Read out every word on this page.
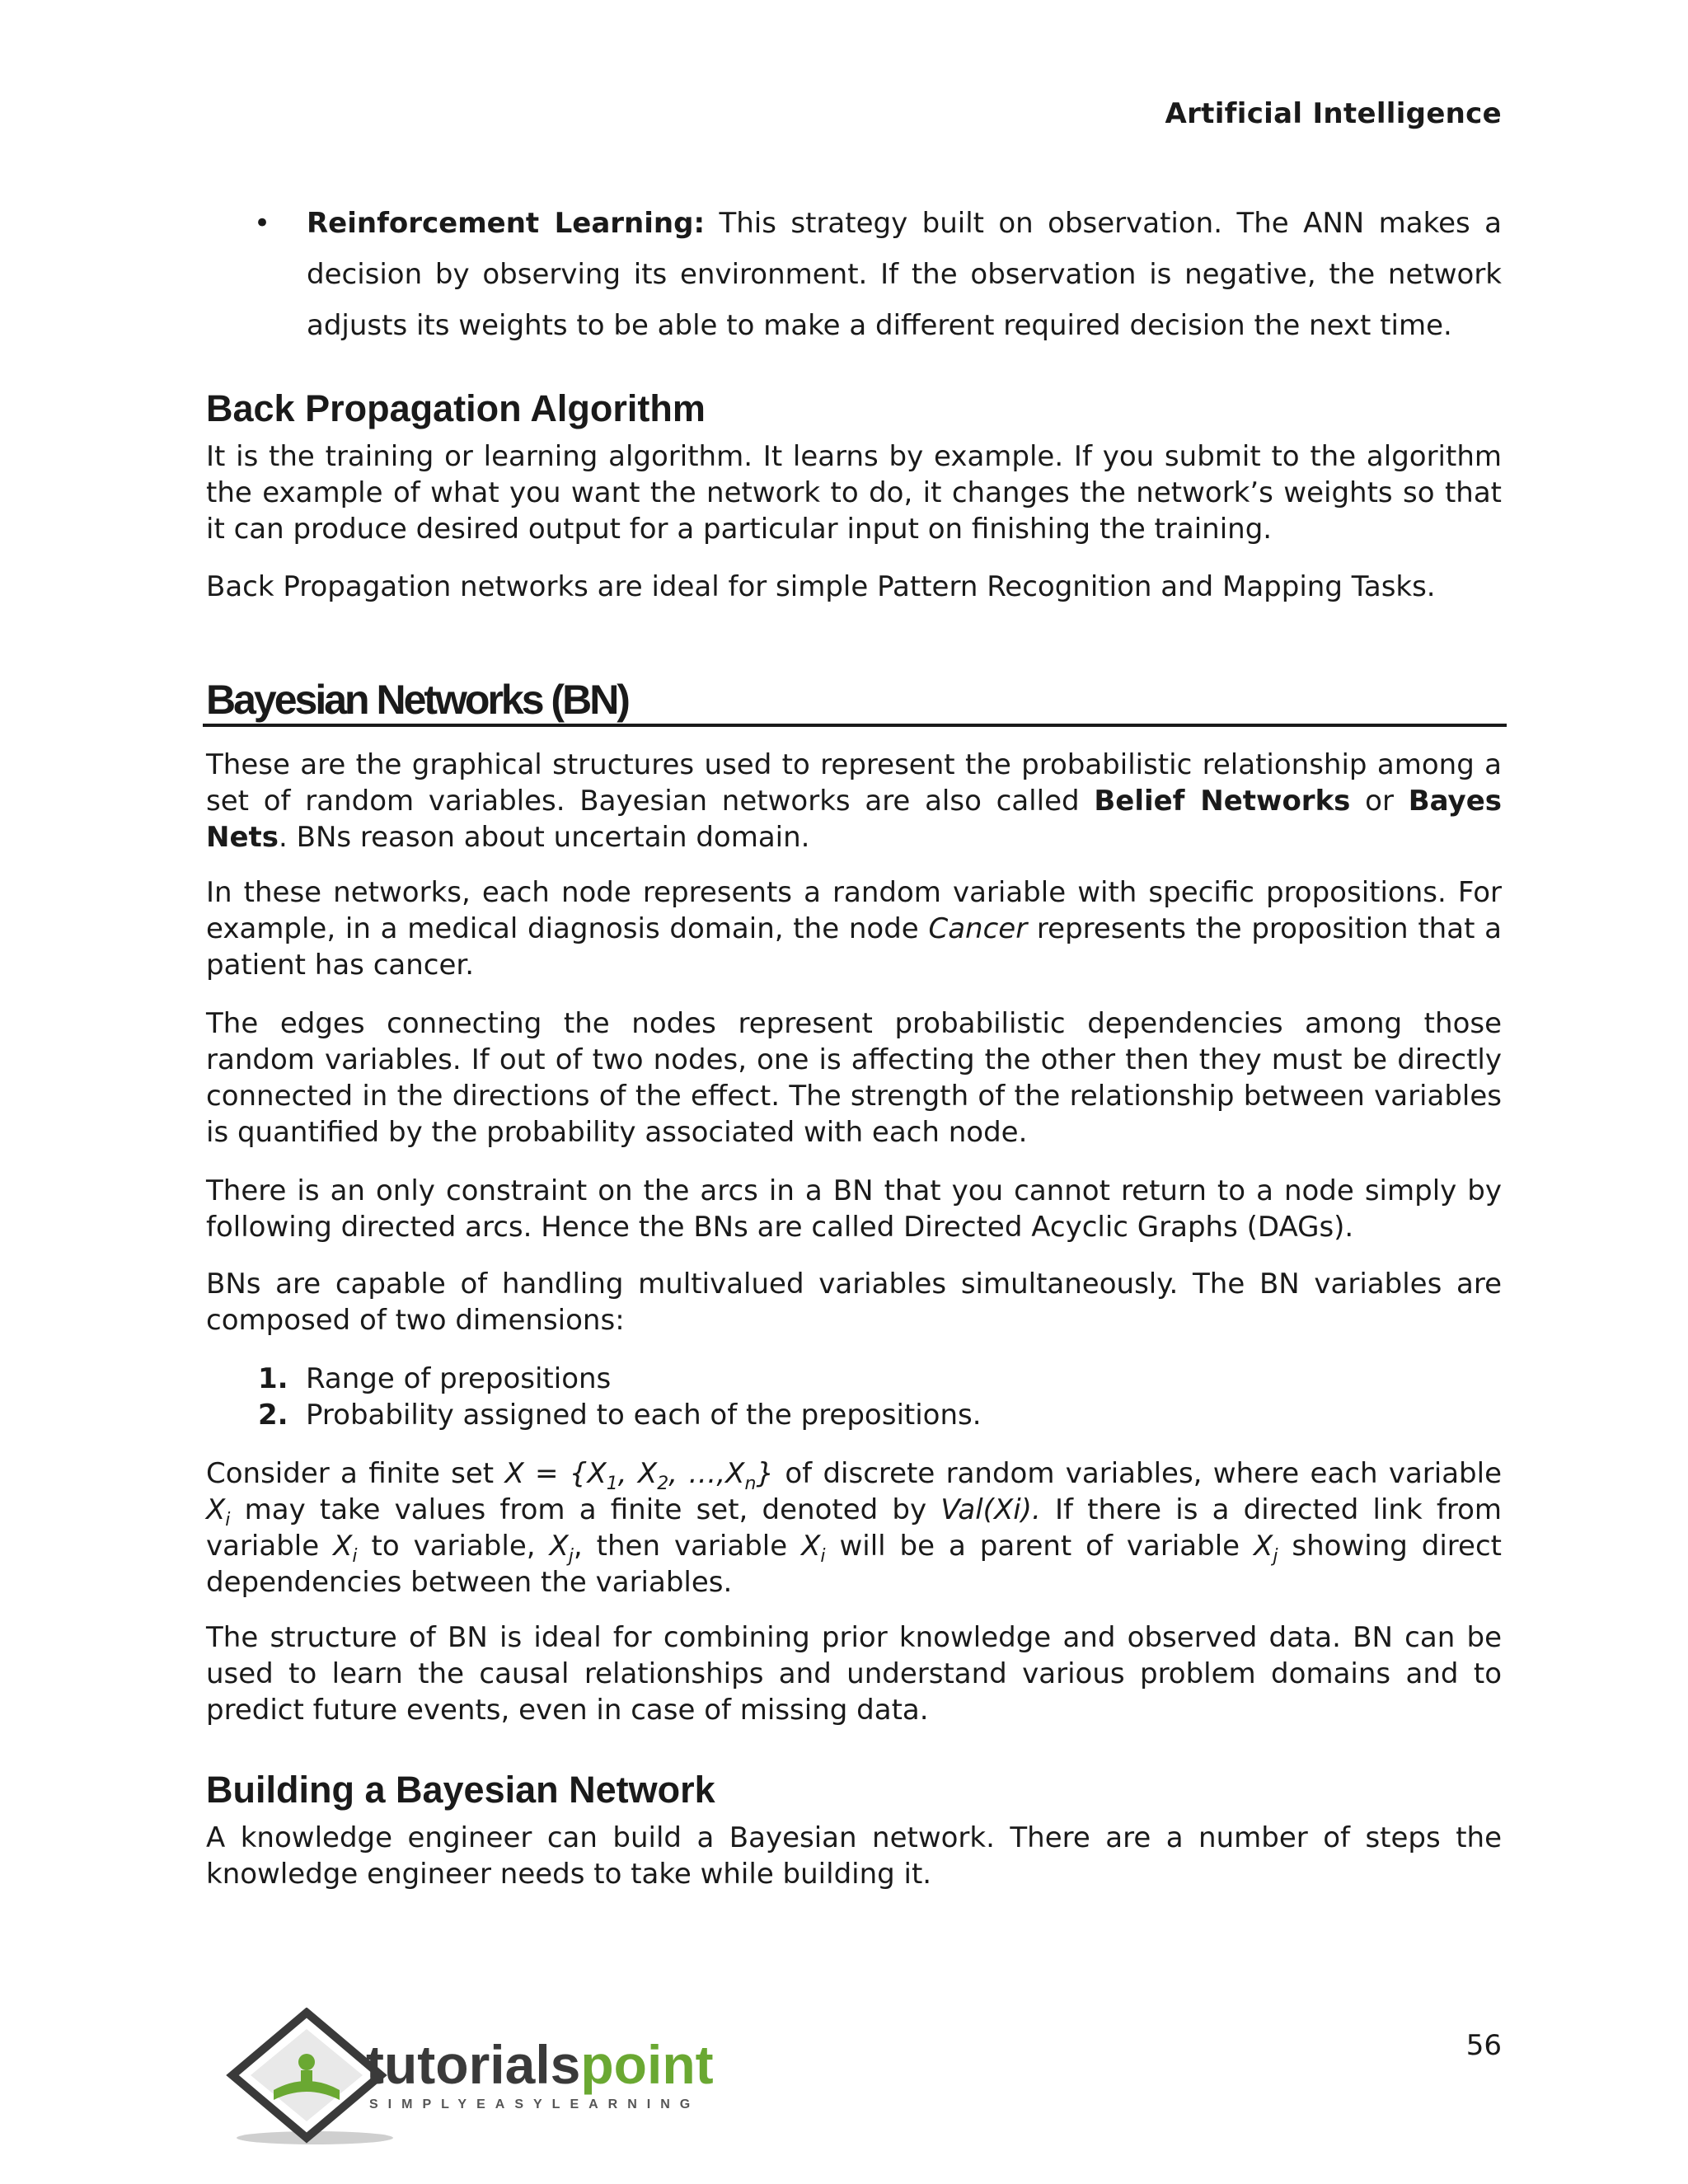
Artificial Intelligence
• Reinforcement Learning: This strategy built on observation. The ANN makes a decision by observing its environment. If the observation is negative, the network adjusts its weights to be able to make a different required decision the next time.
Back Propagation Algorithm

It is the training or learning algorithm. It learns by example. If you submit to the algorithm the example of what you want the network to do, it changes the network’s weights so that it can produce desired output for a particular input on finishing the training.

Back Propagation networks are ideal for simple Pattern Recognition and Mapping Tasks.

Bayesian Networks (BN)

These are the graphical structures used to represent the probabilistic relationship among a set of random variables. Bayesian networks are also called Belief Networks or Bayes Nets. BNs reason about uncertain domain.

In these networks, each node represents a random variable with specific propositions. For example, in a medical diagnosis domain, the node Cancer represents the proposition that a patient has cancer.

The edges connecting the nodes represent probabilistic dependencies among those random variables. If out of two nodes, one is affecting the other then they must be directly connected in the directions of the effect. The strength of the relationship between variables is quantified by the probability associated with each node.

There is an only constraint on the arcs in a BN that you cannot return to a node simply by following directed arcs. Hence the BNs are called Directed Acyclic Graphs (DAGs).

BNs are capable of handling multivalued variables simultaneously. The BN variables are composed of two dimensions:

1. Range of prepositions
2. Probability assigned to each of the prepositions.

Consider a finite set $X = \{X_1$, $X_2$, $\dots,X_n$} of discrete random variables, where each variable $X_i$ may take values from a finite set, denoted by Val(Xi). If there is a directed link from variable $X_i$ to variable, $X_j$, then variable $X_i$ will be a parent of variable $X_j$ showing direct dependencies between the variables.

The structure of BN is ideal for combining prior knowledge and observed data. BN can be used to learn the causal relationships and understand various problem domains and to predict future events, even in case of missing data.

Building a Bayesian Network

A knowledge engineer can build a Bayesian network. There are a number of steps the knowledge engineer needs to take while building it.

tutorialspoint
SIMPLYEASYLEARNING
56
